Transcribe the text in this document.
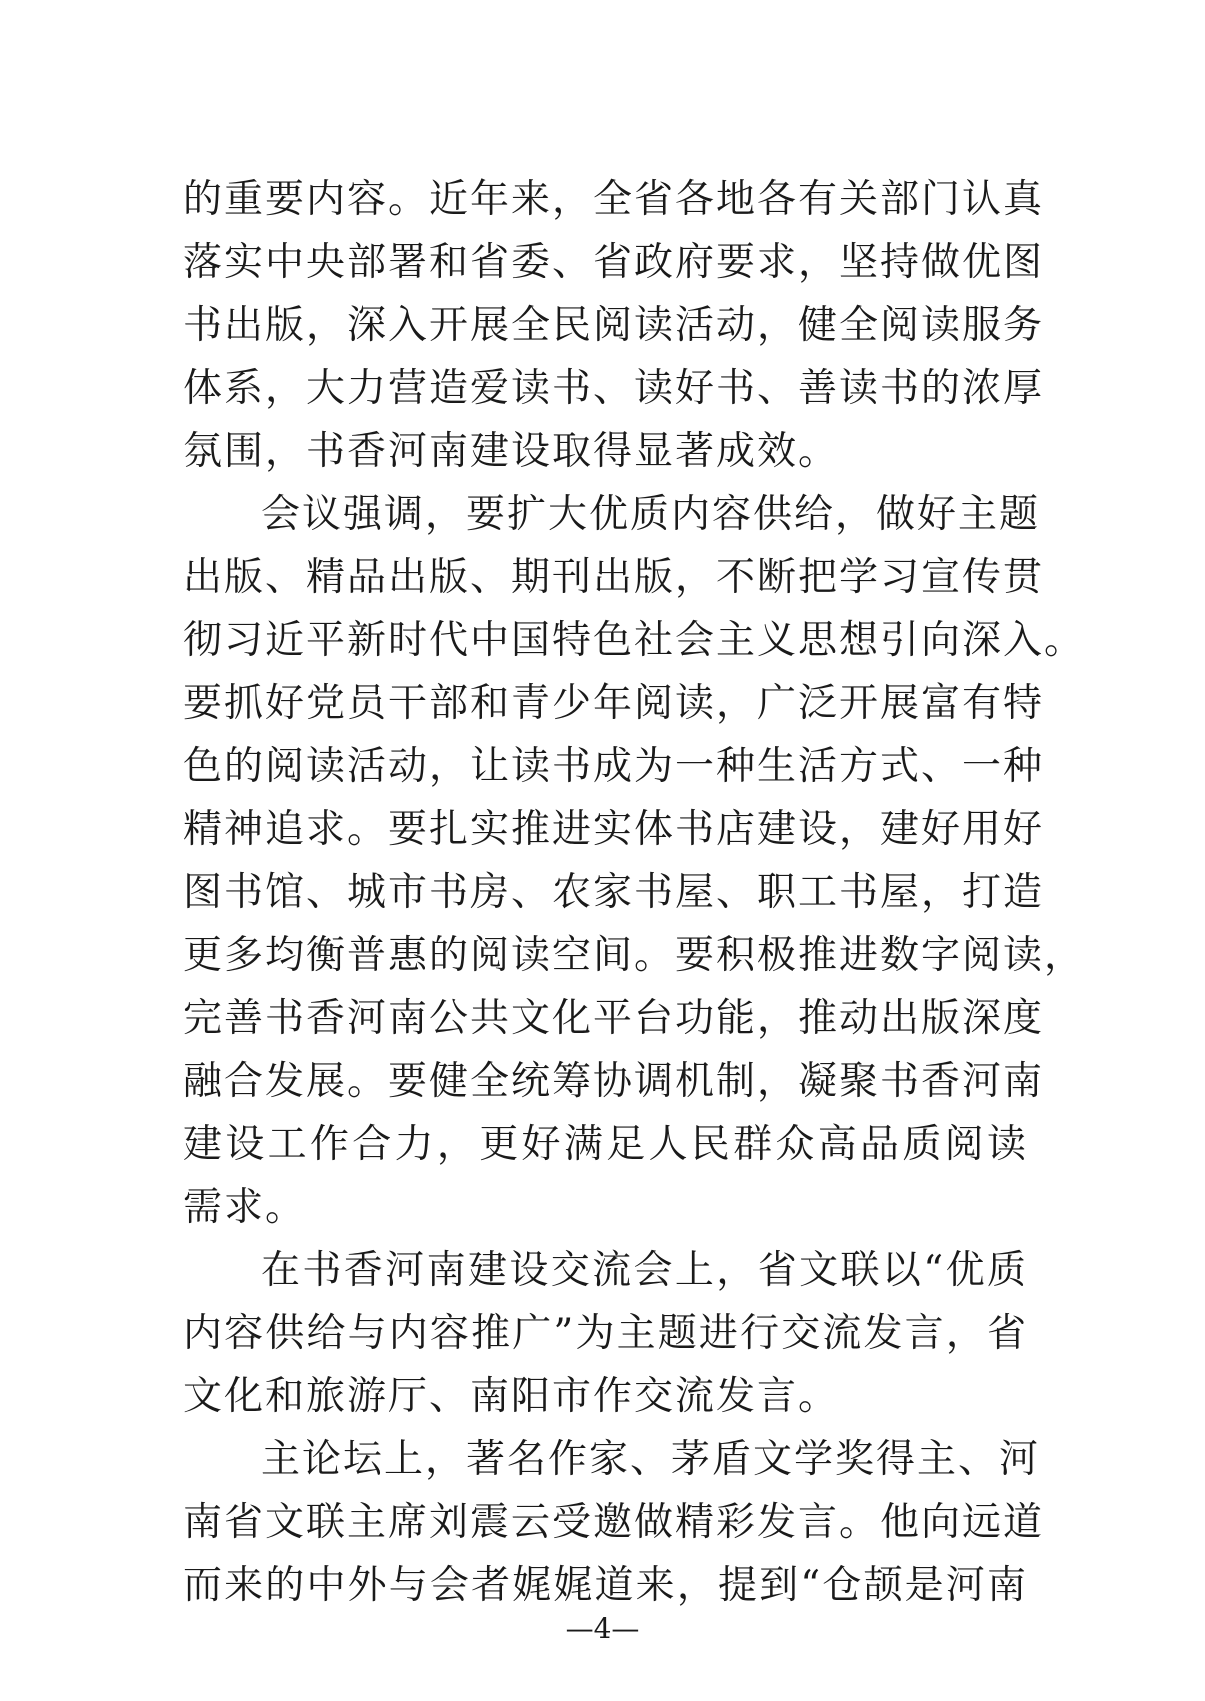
的重要内容。近年来，全省各地各有关部门认真
落实中央部署和省委、省政府要求，坚持做优图
书出版，深入开展全民阅读活动，健全阅读服务
体系，大力营造爱读书、读好书、善读书的浓厚
氛围，书香河南建设取得显著成效。
会议强调，要扩大优质内容供给，做好主题
出版、精品出版、期刊出版，不断把学习宣传贯
彻习近平新时代中国特色社会主义思想引向深入。
要抓好党员干部和青少年阅读，广泛开展富有特
色的阅读活动，让读书成为一种生活方式、一种
精神追求。要扎实推进实体书店建设，建好用好
图书馆、城市书房、农家书屋、职工书屋，打造
更多均衡普惠的阅读空间。要积极推进数字阅读，
完善书香河南公共文化平台功能，推动出版深度
融合发展。要健全统筹协调机制，凝聚书香河南
建设工作合力，更好满足人民群众高品质阅读
需求。
在书香河南建设交流会上，省文联以“优质
内容供给与内容推广”为主题进行交流发言，省
文化和旅游厅、南阳市作交流发言。
主论坛上，著名作家、茅盾文学奖得主、河
南省文联主席刘震云受邀做精彩发言。他向远道
而来的中外与会者娓娓道来，提到“仓颉是河南
—4—
